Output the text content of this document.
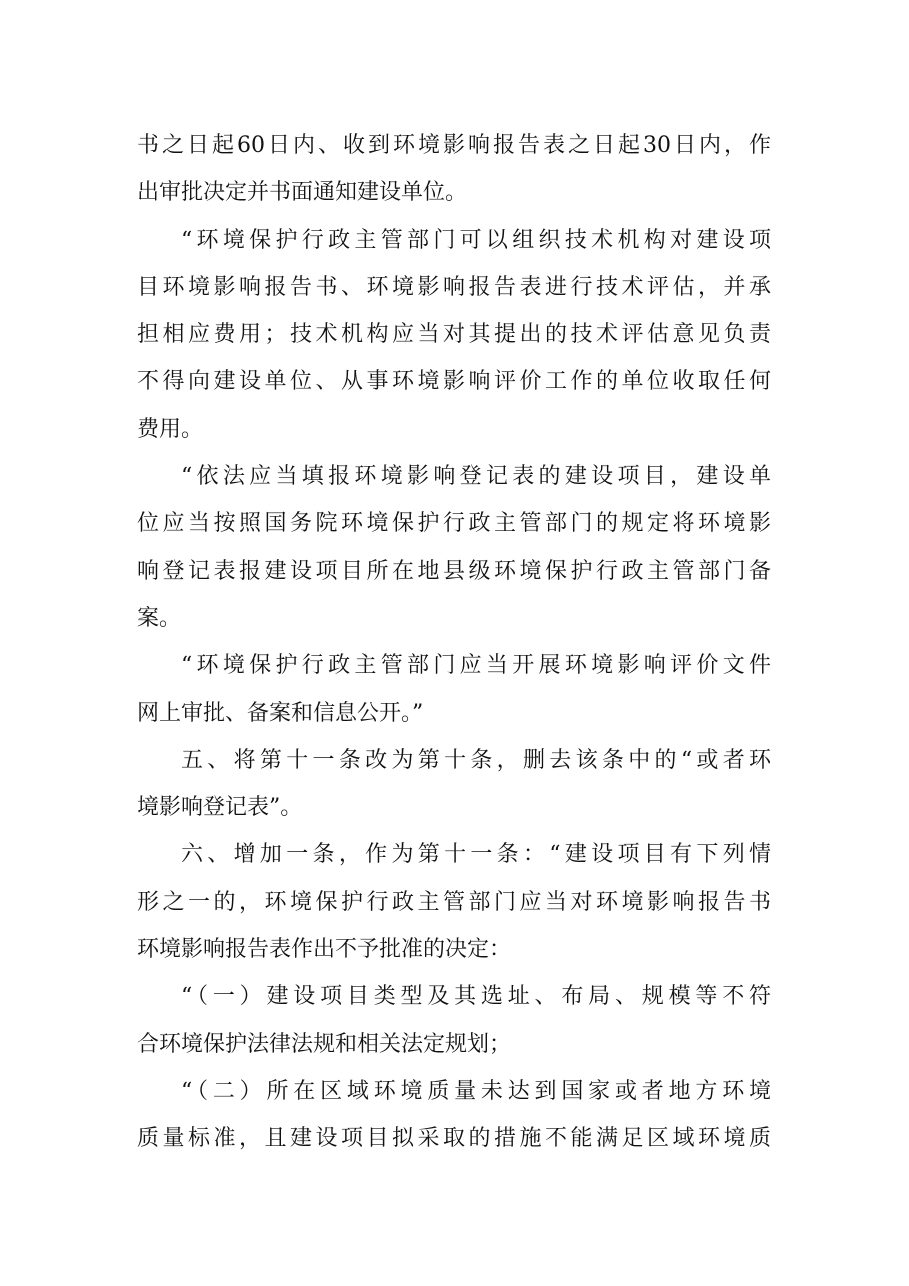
书之日起60日内、收到环境影响报告表之日起30日内，作
出审批决定并书面通知建设单位。
“环境保护行政主管部门可以组织技术机构对建设项
目环境影响报告书、环境影响报告表进行技术评估，并承
担相应费用；技术机构应当对其提出的技术评估意见负责
不得向建设单位、从事环境影响评价工作的单位收取任何
费用。
“依法应当填报环境影响登记表的建设项目，建设单
位应当按照国务院环境保护行政主管部门的规定将环境影
响登记表报建设项目所在地县级环境保护行政主管部门备
案。
“环境保护行政主管部门应当开展环境影响评价文件
网上审批、备案和信息公开。”
五、将第十一条改为第十条，删去该条中的“或者环
境影响登记表”。
六、增加一条，作为第十一条：“建设项目有下列情
形之一的，环境保护行政主管部门应当对环境影响报告书
环境影响报告表作出不予批准的决定：
“（一）建设项目类型及其选址、布局、规模等不符
合环境保护法律法规和相关法定规划；
“（二）所在区域环境质量未达到国家或者地方环境
质量标准，且建设项目拟采取的措施不能满足区域环境质
